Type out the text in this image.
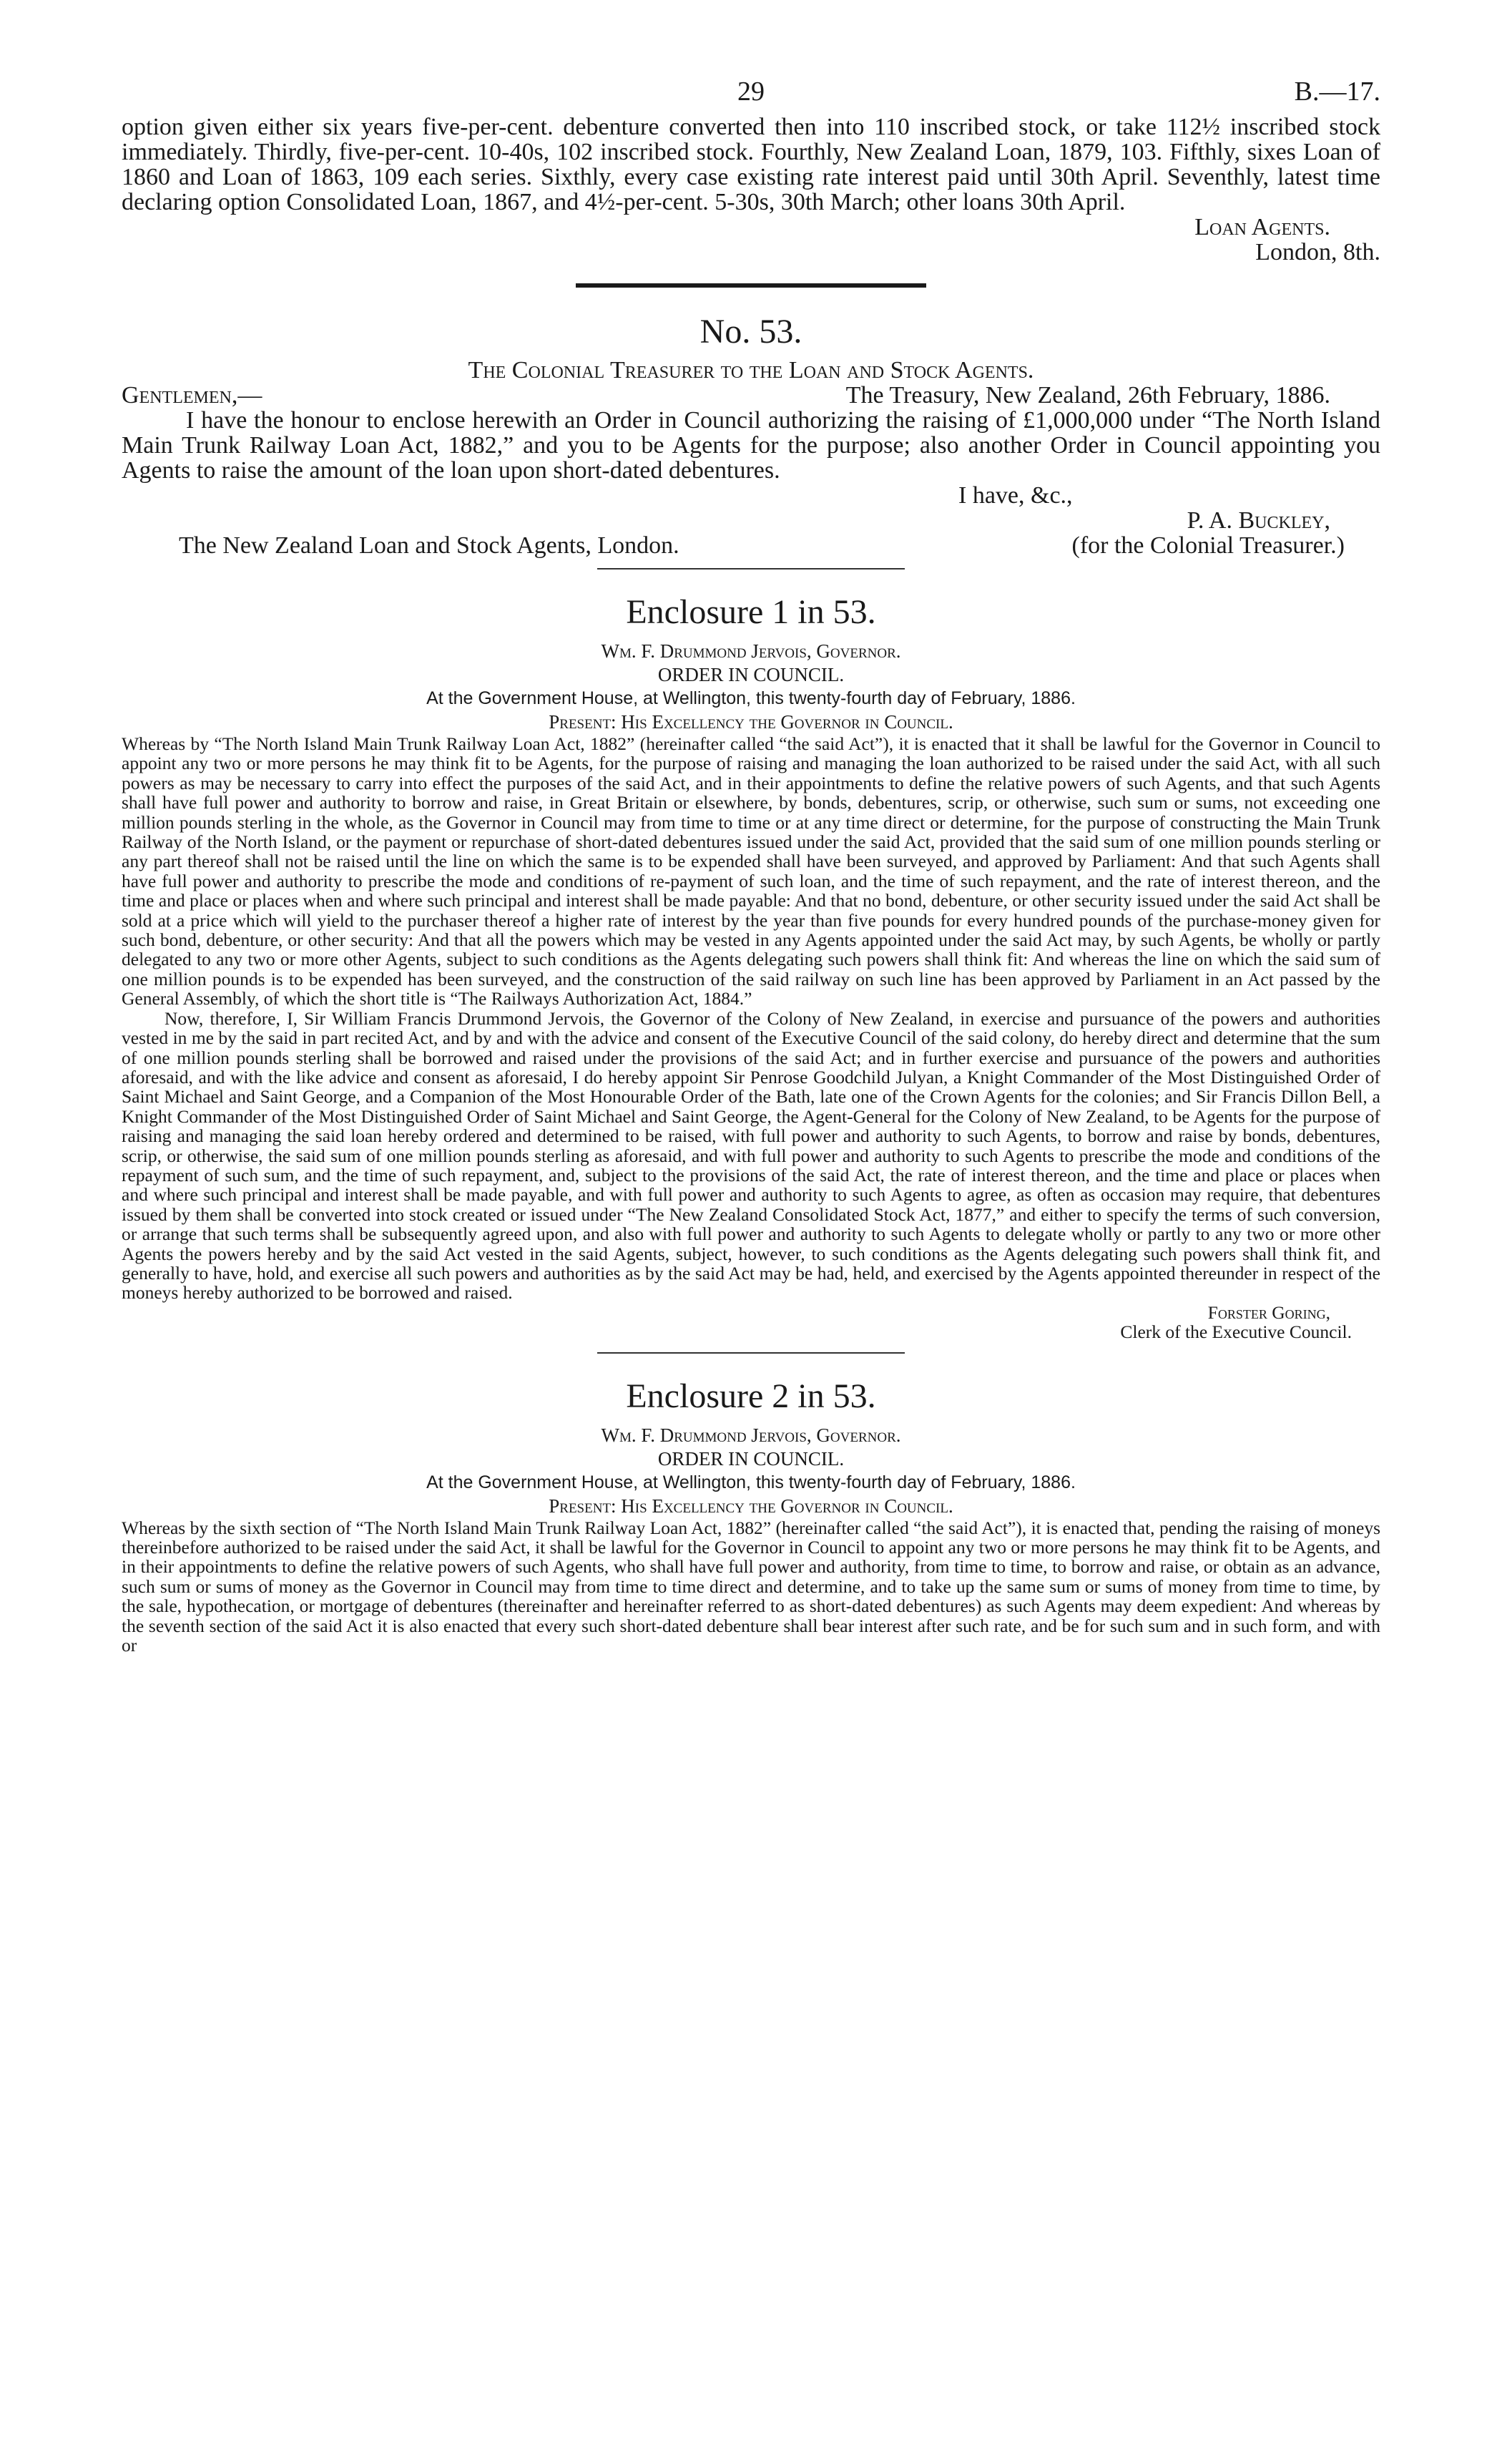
29	B.—17.

option given either six years five-per-cent. debenture converted then into 110 inscribed stock, or take 112½ inscribed stock immediately. Thirdly, five-per-cent. 10-40s, 102 inscribed stock. Fourthly, New Zealand Loan, 1879, 103. Fifthly, sixes Loan of 1860 and Loan of 1863, 109 each series. Sixthly, every case existing rate interest paid until 30th April. Seventhly, latest time declaring option Consolidated Loan, 1867, and 4½-per-cent. 5-30s, 30th March; other loans 30th April.

Loan Agents.

London, 8th.

No. 53.

The Colonial Treasurer to the Loan and Stock Agents.

Gentlemen,—	The Treasury, New Zealand, 26th February, 1886.

I have the honour to enclose herewith an Order in Council authorizing the raising of £1,000,000 under “The North Island Main Trunk Railway Loan Act, 1882,” and you to be Agents for the purpose; also another Order in Council appointing you Agents to raise the amount of the loan upon short-dated debentures.

I have, &c.,

P. A. Buckley,

The New Zealand Loan and Stock Agents, London.	(for the Colonial Treasurer.)
Enclosure 1 in 53.

Wm. F. Drummond Jervois, Governor.

ORDER IN COUNCIL.

At the Government House, at Wellington, this twenty-fourth day of February, 1886.

Present: His Excellency the Governor in Council.

Whereas by “The North Island Main Trunk Railway Loan Act, 1882” (hereinafter called “the said Act”), it is enacted that it shall be lawful for the Governor in Council to appoint any two or more persons he may think fit to be Agents, for the purpose of raising and managing the loan authorized to be raised under the said Act, with all such powers as may be necessary to carry into effect the purposes of the said Act, and in their appointments to define the relative powers of such Agents, and that such Agents shall have full power and authority to borrow and raise, in Great Britain or elsewhere, by bonds, debentures, scrip, or otherwise, such sum or sums, not exceeding one million pounds sterling in the whole, as the Governor in Council may from time to time or at any time direct or determine, for the purpose of constructing the Main Trunk Railway of the North Island, or the payment or repurchase of short-dated debentures issued under the said Act, provided that the said sum of one million pounds sterling or any part thereof shall not be raised until the line on which the same is to be expended shall have been surveyed, and approved by Parliament: And that such Agents shall have full power and authority to prescribe the mode and conditions of re-payment of such loan, and the time of such repayment, and the rate of interest thereon, and the time and place or places when and where such principal and interest shall be made payable: And that no bond, debenture, or other security issued under the said Act shall be sold at a price which will yield to the purchaser thereof a higher rate of interest by the year than five pounds for every hundred pounds of the purchase-money given for such bond, debenture, or other security: And that all the powers which may be vested in any Agents appointed under the said Act may, by such Agents, be wholly or partly delegated to any two or more other Agents, subject to such conditions as the Agents delegating such powers shall think fit: And whereas the line on which the said sum of one million pounds is to be expended has been surveyed, and the construction of the said railway on such line has been approved by Parliament in an Act passed by the General Assembly, of which the short title is “The Railways Authorization Act, 1884.”

Now, therefore, I, Sir William Francis Drummond Jervois, the Governor of the Colony of New Zealand, in exercise and pursuance of the powers and authorities vested in me by the said in part recited Act, and by and with the advice and consent of the Executive Council of the said colony, do hereby direct and determine that the sum of one million pounds sterling shall be borrowed and raised under the provisions of the said Act; and in further exercise and pursuance of the powers and authorities aforesaid, and with the like advice and consent as aforesaid, I do hereby appoint Sir Penrose Goodchild Julyan, a Knight Commander of the Most Distinguished Order of Saint Michael and Saint George, and a Companion of the Most Honourable Order of the Bath, late one of the Crown Agents for the colonies; and Sir Francis Dillon Bell, a Knight Commander of the Most Distinguished Order of Saint Michael and Saint George, the Agent-General for the Colony of New Zealand, to be Agents for the purpose of raising and managing the said loan hereby ordered and determined to be raised, with full power and authority to such Agents, to borrow and raise by bonds, debentures, scrip, or otherwise, the said sum of one million pounds sterling as aforesaid, and with full power and authority to such Agents to prescribe the mode and conditions of the repayment of such sum, and the time of such repayment, and, subject to the provisions of the said Act, the rate of interest thereon, and the time and place or places when and where such principal and interest shall be made payable, and with full power and authority to such Agents to agree, as often as occasion may require, that debentures issued by them shall be converted into stock created or issued under “The New Zealand Consolidated Stock Act, 1877,” and either to specify the terms of such conversion, or arrange that such terms shall be subsequently agreed upon, and also with full power and authority to such Agents to delegate wholly or partly to any two or more other Agents the powers hereby and by the said Act vested in the said Agents, subject, however, to such conditions as the Agents delegating such powers shall think fit, and generally to have, hold, and exercise all such powers and authorities as by the said Act may be had, held, and exercised by the Agents appointed thereunder in respect of the moneys hereby authorized to be borrowed and raised.

Forster Goring,

Clerk of the Executive Council.

Enclosure 2 in 53.

Wm. F. Drummond Jervois, Governor.

ORDER IN COUNCIL.

At the Government House, at Wellington, this twenty-fourth day of February, 1886.

Present: His Excellency the Governor in Council.

Whereas by the sixth section of “The North Island Main Trunk Railway Loan Act, 1882” (hereinafter called “the said Act”), it is enacted that, pending the raising of moneys thereinbefore authorized to be raised under the said Act, it shall be lawful for the Governor in Council to appoint any two or more persons he may think fit to be Agents, and in their appointments to define the relative powers of such Agents, who shall have full power and authority, from time to time, to borrow and raise, or obtain as an advance, such sum or sums of money as the Governor in Council may from time to time direct and determine, and to take up the same sum or sums of money from time to time, by the sale, hypothecation, or mortgage of debentures (thereinafter and hereinafter referred to as short-dated debentures) as such Agents may deem expedient: And whereas by the seventh section of the said Act it is also enacted that every such short-dated debenture shall bear interest after such rate, and be for such sum and in such form, and with or
